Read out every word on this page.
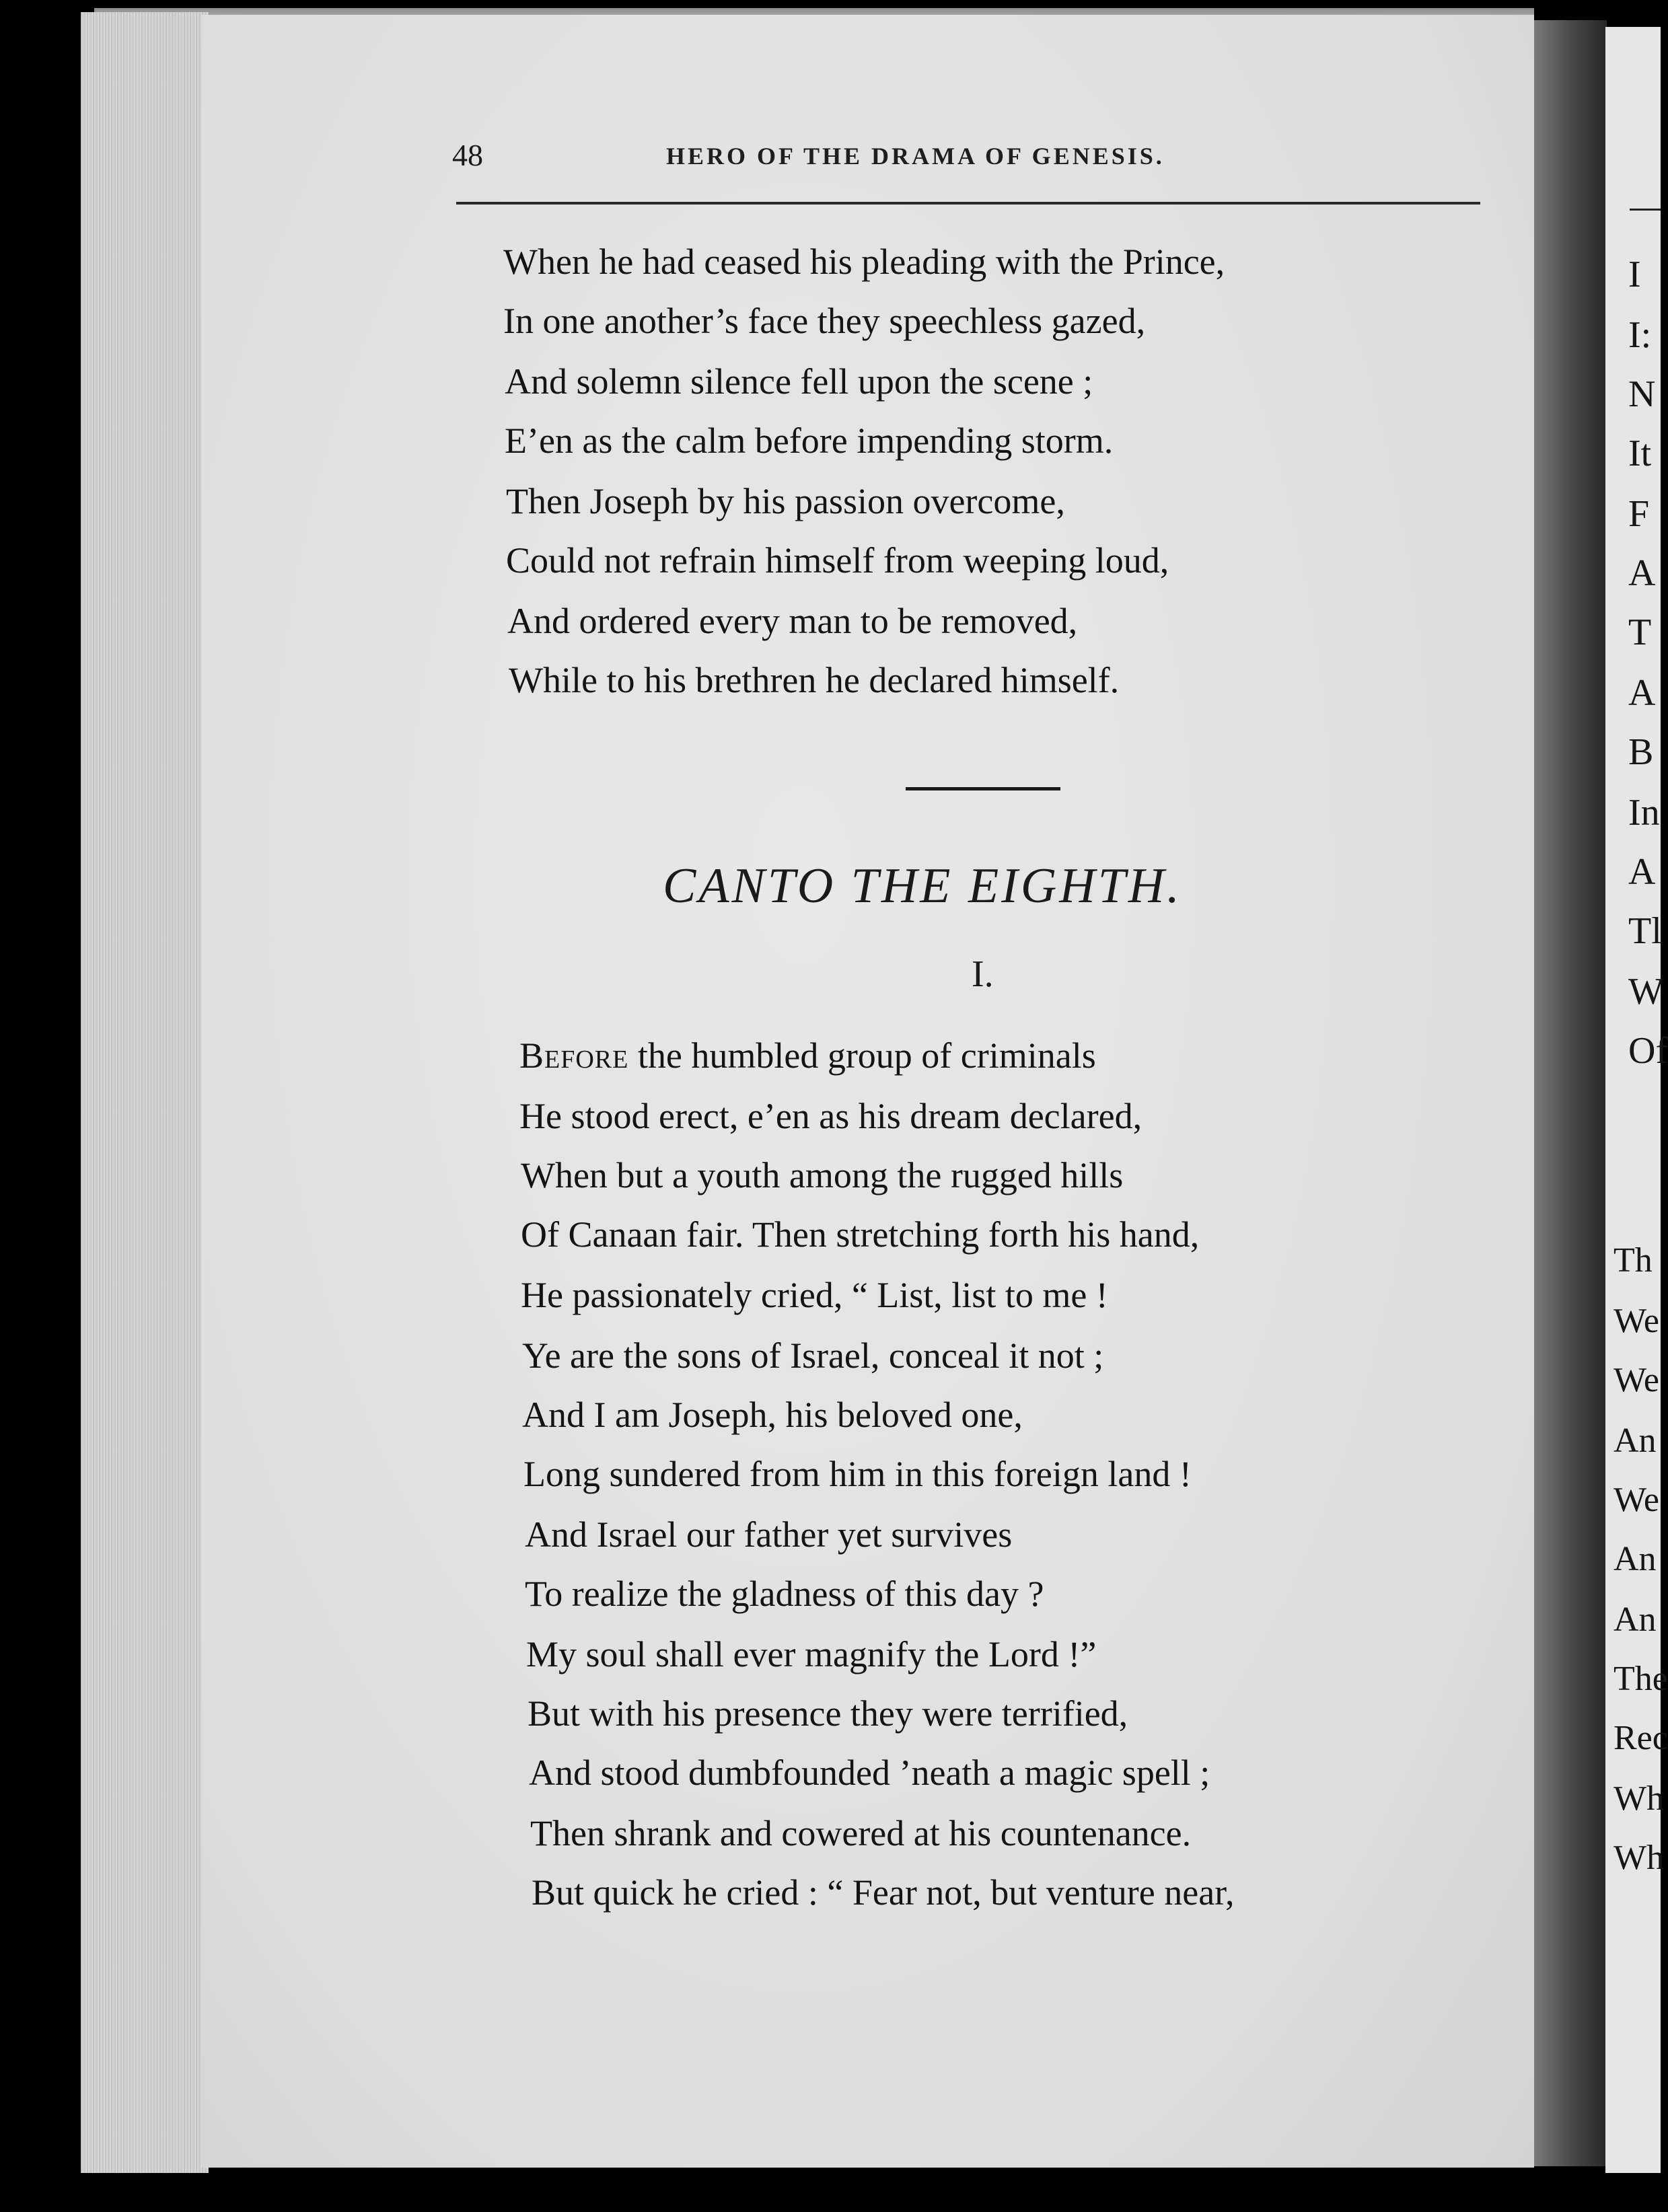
48	HERO OF THE DRAMA OF GENESIS.
When he had ceased his pleading with the Prince,
In one another’s face they speechless gazed,
And solemn silence fell upon the scene ;
E’en as the calm before impending storm.
Then Joseph by his passion overcome,
Could not refrain himself from weeping loud,
And ordered every man to be removed,
While to his brethren he declared himself.
CANTO THE EIGHTH.
I.
Before the humbled group of criminals
He stood erect, e’en as his dream declared,
When but a youth among the rugged hills
Of Canaan fair. Then stretching forth his hand,
He passionately cried, “ List, list to me !
Ye are the sons of Israel, conceal it not ;
And I am Joseph, his beloved one,
Long sundered from him in this foreign land !
And Israel our father yet survives
To realize the gladness of this day ?
My soul shall ever magnify the Lord !”
But with his presence they were terrified,
And stood dumbfounded ’neath a magic spell ;
Then shrank and cowered at his countenance.
But quick he cried : “ Fear not, but venture near,
I
I:
N
It
F
A
T
A
B
In
A
Tl
W
Of
Th
We
We
An
We
An
An
The
Rec
Wh
Wh
